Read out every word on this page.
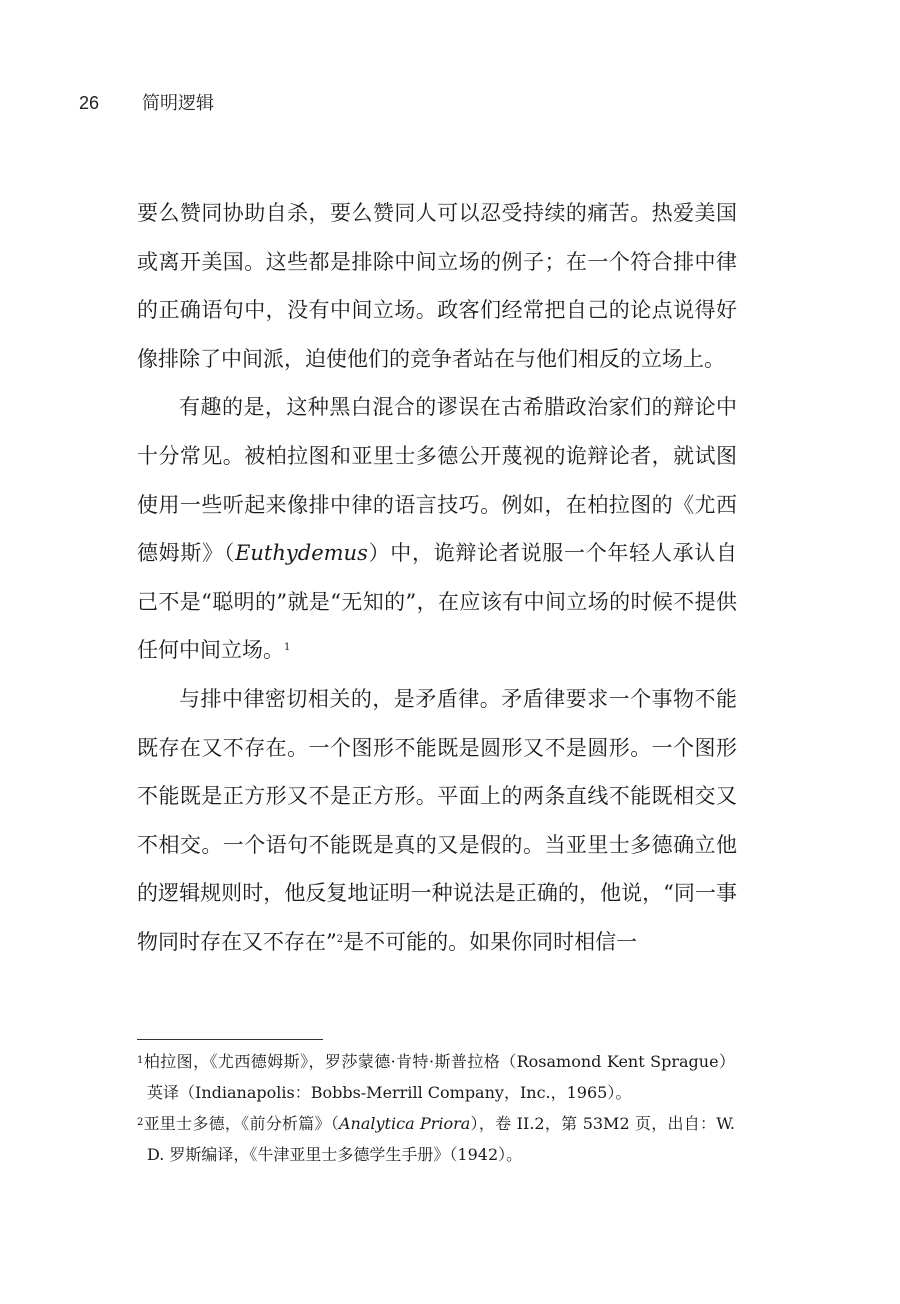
26 简明逻辑

要么赞同协助自杀，要么赞同人可以忍受持续的痛苦。热爱美国或离开美国。这些都是排除中间立场的例子；在一个符合排中律的正确语句中，没有中间立场。政客们经常把自己的论点说得好像排除了中间派，迫使他们的竞争者站在与他们相反的立场上。

有趣的是，这种黑白混合的谬误在古希腊政治家们的辩论中十分常见。被柏拉图和亚里士多德公开蔑视的诡辩论者，就试图使用一些听起来像排中律的语言技巧。例如，在柏拉图的《尤西德姆斯》（Euthydemus）中，诡辩论者说服一个年轻人承认自己不是“聪明的”就是“无知的”，在应该有中间立场的时候不提供任何中间立场。$^1$

与排中律密切相关的，是矛盾律。矛盾律要求一个事物不能既存在又不存在。一个图形不能既是圆形又不是圆形。一个图形不能既是正方形又不是正方形。平面上的两条直线不能既相交又不相交。一个语句不能既是真的又是假的。当亚里士多德确立他的逻辑规则时，他反复地证明一种说法是正确的，他说，“同一事物同时存在又不存在”$^2$是不可能的。如果你同时相信一

$^1$柏拉图，《尤西德姆斯》，罗莎蒙德·肯特·斯普拉格（Rosamond Kent Sprague）英译（Indianapolis：Bobbs-Merrill Company，Inc.，1965）。

$^2$亚里士多德，《前分析篇》（Analytica Priora），卷 II.2，第 53M2 页，出自：W. D. 罗斯编译，《牛津亚里士多德学生手册》（1942）。
